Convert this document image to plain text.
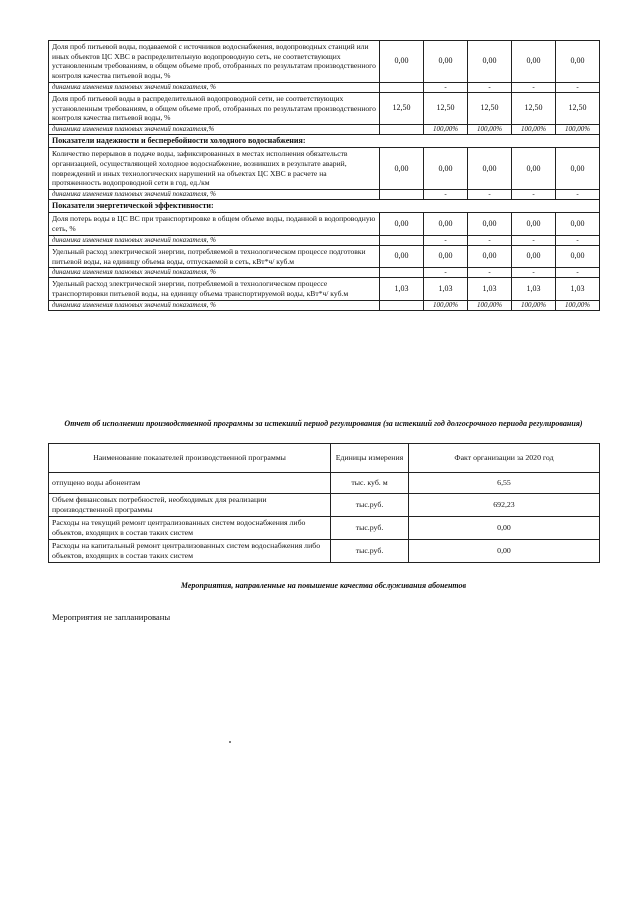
Доля проб питьевой воды, подаваемой с источников водоснабжения, водопроводных станций или иных объектов ЦС ХВС в распределительную водопроводную сеть, не соответствующих установленным требованиям, в общем объеме проб, отобранных по результатам производственного контроля качества питьевой воды, %	0,00	0,00	0,00	0,00	0,00
динамика изменения плановых значений показателя, %		-	-	-	-
Доля проб питьевой воды в распределительной водопроводной сети, не соответствующих установленным требованиям, в общем объеме проб, отобранных по результатам производственного контроля качества питьевой воды, %	12,50	12,50	12,50	12,50	12,50
динамика изменения плановых значений показателя,%		100,00%	100,00%	100,00%	100,00%
Показатели надежности и бесперебойности холодного водоснабжения:					
Количество перерывов в подаче воды, зафиксированных в местах исполнения обязательств организацией, осуществляющей холодное водоснабжение, возникших в результате аварий, повреждений и иных технологических нарушений на объектах ЦС ХВС в расчете на протяженность водопроводной сети в год, ед./км	0,00	0,00	0,00	0,00	0,00
динамика изменения плановых значений показателя, %		-	-	-	-
Показатели энергетической эффективности:					
Доля потерь воды в ЦС ВС при транспортировке в общем объеме воды, поданной в водопроводную сеть, %	0,00	0,00	0,00	0,00	0,00
динамика изменения плановых значений показателя, %		-	-	-	-
Удельный расход электрической энергии, потребляемой в технологическом процессе подготовки питьевой воды, на единицу объема воды, отпускаемой в сеть, кВт*ч/ куб.м	0,00	0,00	0,00	0,00	0,00
динамика изменения плановых значений показателя, %		-	-	-	-
Удельный расход электрической энергии, потребляемой в технологическом процессе транспортировки питьевой воды, на единицу объема транспортируемой воды, кВт*ч/ куб.м	1,03	1,03	1,03	1,03	1,03
динамика изменения плановых значений показателя, %		100,00%	100,00%	100,00%	100,00%
Отчет об исполнении производственной программы за истекший период регулирования (за истекший год долгосрочного периода регулирования)
Наименование показателей производственной программы	Единицы измерения	Факт организации за 2020 год
отпущено воды абонентам	тыс. куб. м	6,55
Объем финансовых потребностей, необходимых для реализации производственной программы	тыс.руб.	692,23
Расходы на текущий ремонт централизованных систем водоснабжения либо объектов, входящих в состав таких систем	тыс.руб.	0,00
Расходы на капитальный ремонт централизованных систем водоснабжения либо объектов, входящих в состав таких систем	тыс.руб.	0,00
Мероприятия, направленные на повышение качества обслуживания абонентов
Мероприятия не запланированы
